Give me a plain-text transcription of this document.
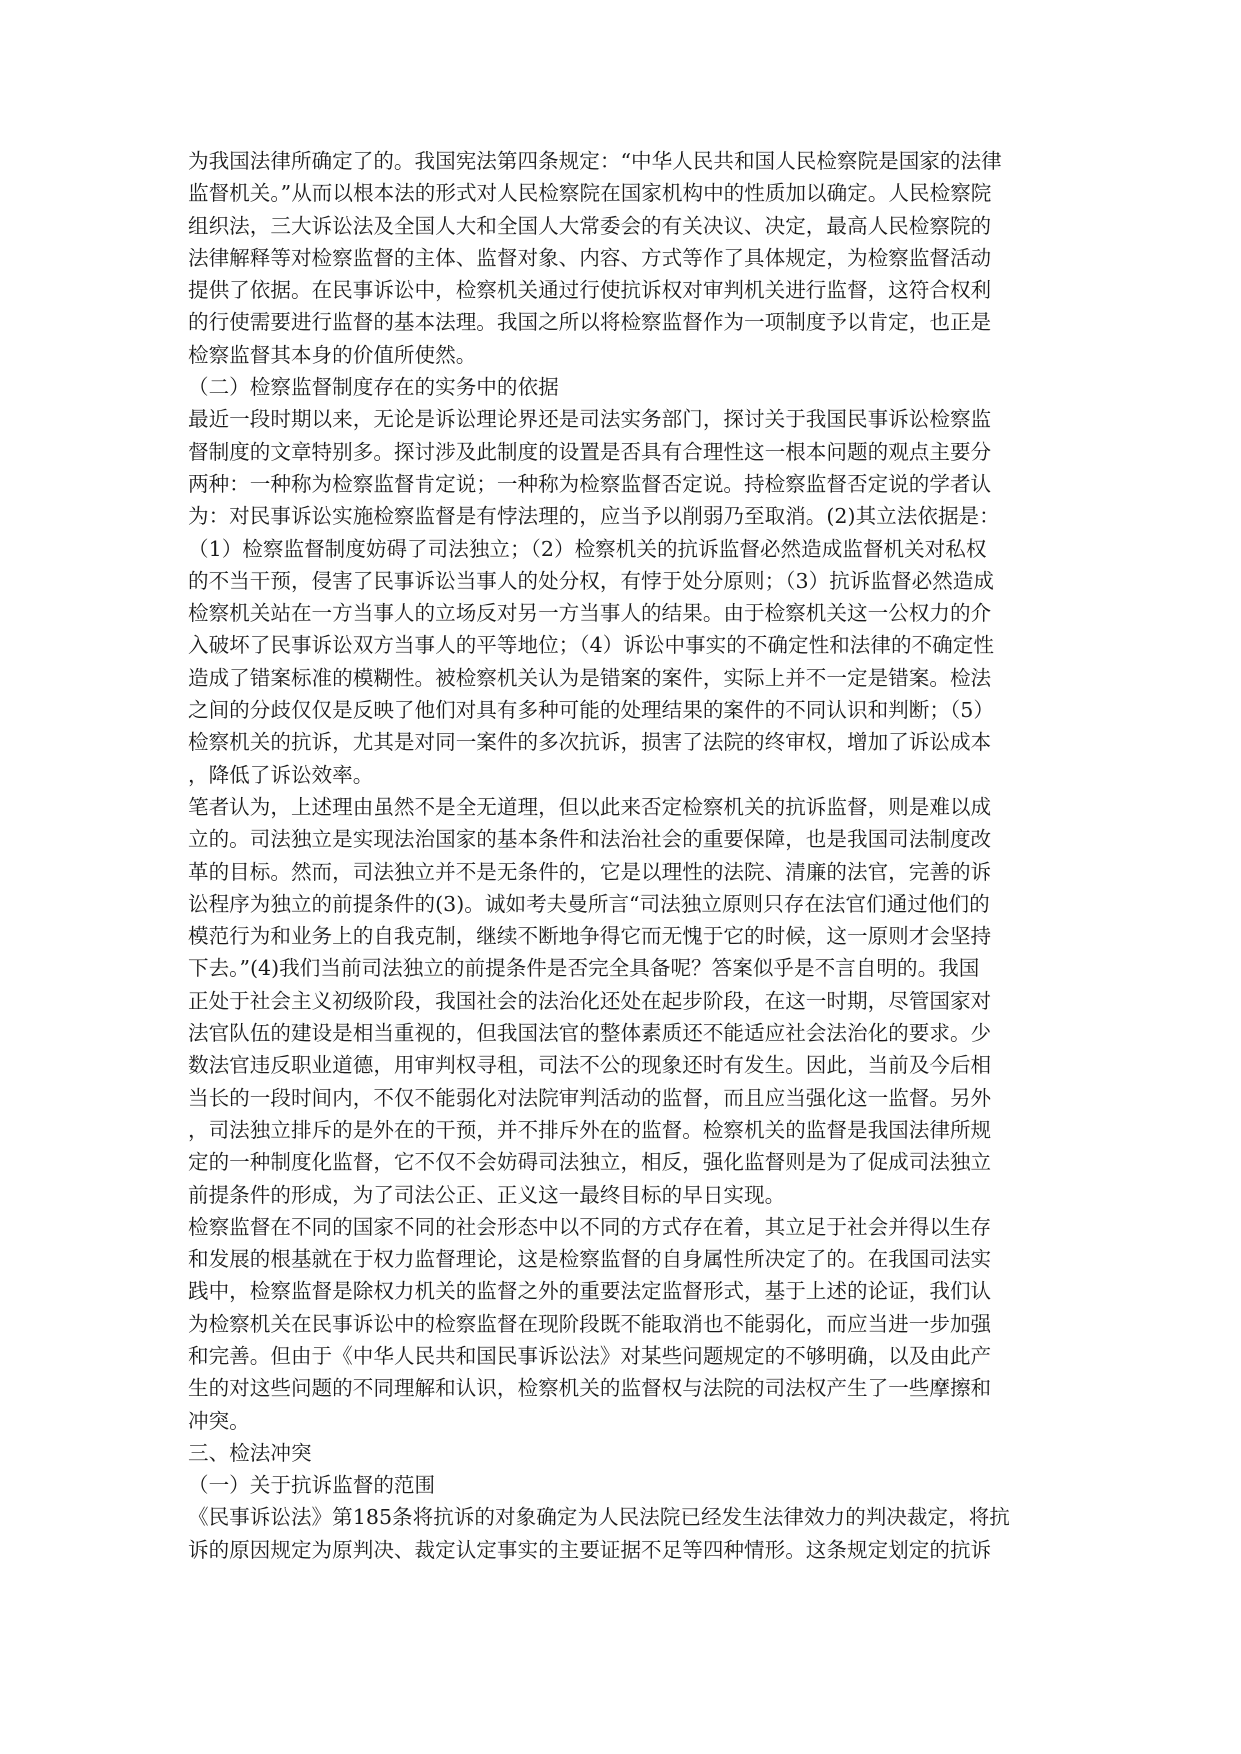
为我国法律所确定了的。我国宪法第四条规定：“中华人民共和国人民检察院是国家的法律
监督机关。”从而以根本法的形式对人民检察院在国家机构中的性质加以确定。人民检察院
组织法，三大诉讼法及全国人大和全国人大常委会的有关决议、决定，最高人民检察院的
法律解释等对检察监督的主体、监督对象、内容、方式等作了具体规定，为检察监督活动
提供了依据。在民事诉讼中，检察机关通过行使抗诉权对审判机关进行监督，这符合权利
的行使需要进行监督的基本法理。我国之所以将检察监督作为一项制度予以肯定，也正是
检察监督其本身的价值所使然。
（二）检察监督制度存在的实务中的依据
最近一段时期以来，无论是诉讼理论界还是司法实务部门，探讨关于我国民事诉讼检察监
督制度的文章特别多。探讨涉及此制度的设置是否具有合理性这一根本问题的观点主要分
两种：一种称为检察监督肯定说；一种称为检察监督否定说。持检察监督否定说的学者认
为：对民事诉讼实施检察监督是有悖法理的，应当予以削弱乃至取消。(2)其立法依据是：
（1）检察监督制度妨碍了司法独立；（2）检察机关的抗诉监督必然造成监督机关对私权
的不当干预，侵害了民事诉讼当事人的处分权，有悖于处分原则；（3）抗诉监督必然造成
检察机关站在一方当事人的立场反对另一方当事人的结果。由于检察机关这一公权力的介
入破坏了民事诉讼双方当事人的平等地位；（4）诉讼中事实的不确定性和法律的不确定性
造成了错案标准的模糊性。被检察机关认为是错案的案件，实际上并不一定是错案。检法
之间的分歧仅仅是反映了他们对具有多种可能的处理结果的案件的不同认识和判断；（5）
检察机关的抗诉，尤其是对同一案件的多次抗诉，损害了法院的终审权，增加了诉讼成本
，降低了诉讼效率。
笔者认为，上述理由虽然不是全无道理，但以此来否定检察机关的抗诉监督，则是难以成
立的。司法独立是实现法治国家的基本条件和法治社会的重要保障，也是我国司法制度改
革的目标。然而，司法独立并不是无条件的，它是以理性的法院、清廉的法官，完善的诉
讼程序为独立的前提条件的(3)。诚如考夫曼所言“司法独立原则只存在法官们通过他们的
模范行为和业务上的自我克制，继续不断地争得它而无愧于它的时候，这一原则才会坚持
下去。”(4)我们当前司法独立的前提条件是否完全具备呢？答案似乎是不言自明的。我国
正处于社会主义初级阶段，我国社会的法治化还处在起步阶段，在这一时期，尽管国家对
法官队伍的建设是相当重视的，但我国法官的整体素质还不能适应社会法治化的要求。少
数法官违反职业道德，用审判权寻租，司法不公的现象还时有发生。因此，当前及今后相
当长的一段时间内，不仅不能弱化对法院审判活动的监督，而且应当强化这一监督。另外
，司法独立排斥的是外在的干预，并不排斥外在的监督。检察机关的监督是我国法律所规
定的一种制度化监督，它不仅不会妨碍司法独立，相反，强化监督则是为了促成司法独立
前提条件的形成，为了司法公正、正义这一最终目标的早日实现。
检察监督在不同的国家不同的社会形态中以不同的方式存在着，其立足于社会并得以生存
和发展的根基就在于权力监督理论，这是检察监督的自身属性所决定了的。在我国司法实
践中，检察监督是除权力机关的监督之外的重要法定监督形式，基于上述的论证，我们认
为检察机关在民事诉讼中的检察监督在现阶段既不能取消也不能弱化，而应当进一步加强
和完善。但由于《中华人民共和国民事诉讼法》对某些问题规定的不够明确，以及由此产
生的对这些问题的不同理解和认识，检察机关的监督权与法院的司法权产生了一些摩擦和
冲突。
三、检法冲突
（一）关于抗诉监督的范围
《民事诉讼法》第185条将抗诉的对象确定为人民法院已经发生法律效力的判决裁定，将抗
诉的原因规定为原判决、裁定认定事实的主要证据不足等四种情形。这条规定划定的抗诉
